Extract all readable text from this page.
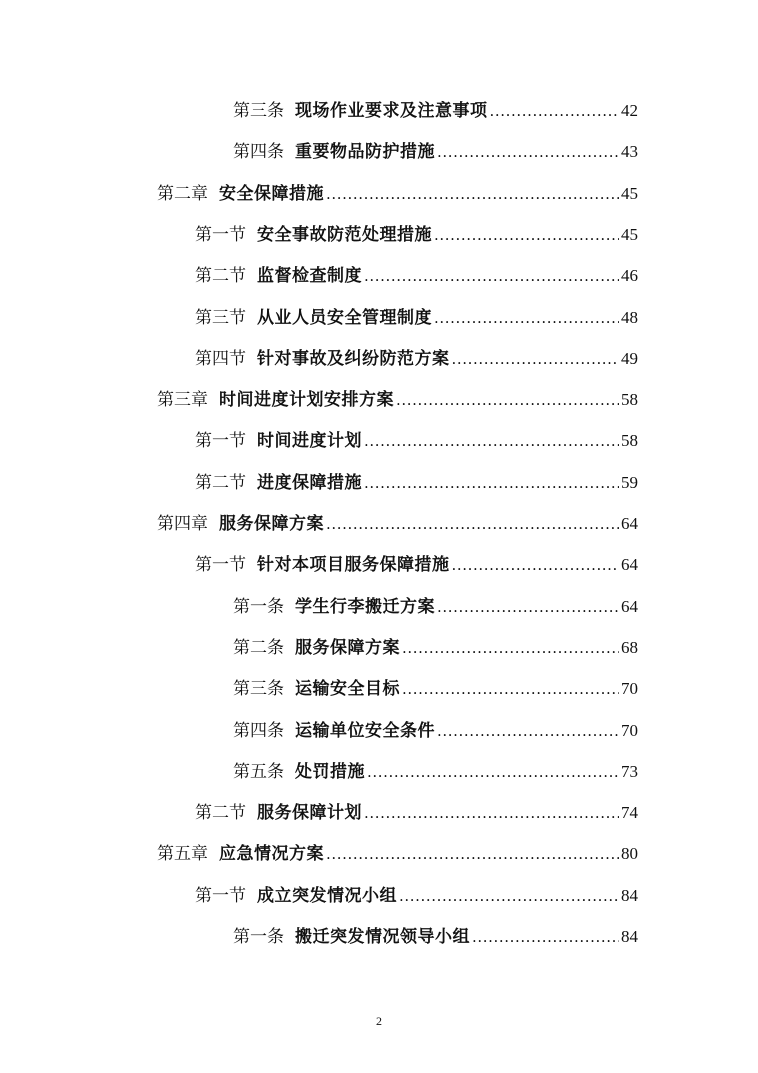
第三条 现场作业要求及注意事项 .....	42
第四条 重要物品防护措施 .....	43
第二章 安全保障措施 .....	45
第一节 安全事故防范处理措施 .....	45
第二节 监督检查制度 .....	46
第三节 从业人员安全管理制度 .....	48
第四节 针对事故及纠纷防范方案 .....	49
第三章 时间进度计划安排方案 .....	58
第一节 时间进度计划 .....	58
第二节 进度保障措施 .....	59
第四章 服务保障方案 .....	64
第一节 针对本项目服务保障措施 .....	64
第一条 学生行李搬迁方案 .....	64
第二条 服务保障方案 .....	68
第三条 运输安全目标 .....	70
第四条 运输单位安全条件 .....	70
第五条 处罚措施 .....	73
第二节 服务保障计划 .....	74
第五章 应急情况方案 .....	80
第一节 成立突发情况小组 .....	84
第一条 搬迁突发情况领导小组 .....	84
2
